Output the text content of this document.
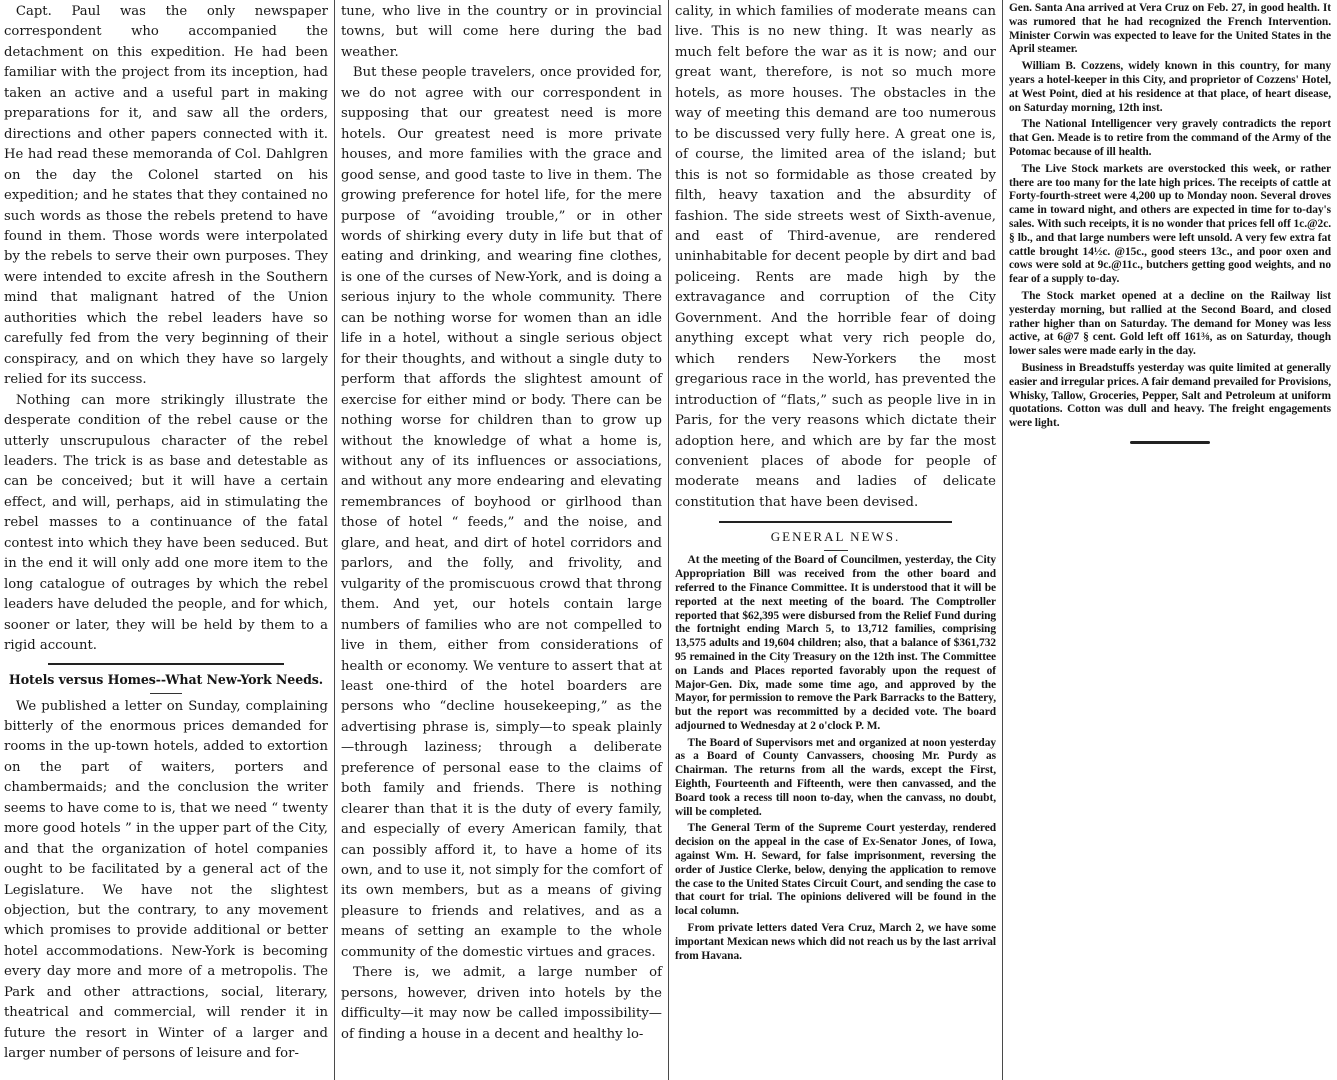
Capt. Paul was the only newspaper correspondent who accompanied the detachment on this expedition. He had been familiar with the project from its inception, had taken an active and a useful part in making preparations for it, and saw all the orders, directions and other papers connected with it. He had read these memoranda of Col. Dahlgren on the day the Colonel started on his expedition; and he states that they contained no such words as those the rebels pretend to have found in them. Those words were interpolated by the rebels to serve their own purposes. They were intended to excite afresh in the Southern mind that malignant hatred of the Union authorities which the rebel leaders have so carefully fed from the very beginning of their conspiracy, and on which they have so largely relied for its success.

Nothing can more strikingly illustrate the desperate condition of the rebel cause or the utterly unscrupulous character of the rebel leaders. The trick is as base and detestable as can be conceived; but it will have a certain effect, and will, perhaps, aid in stimulating the rebel masses to a continuance of the fatal contest into which they have been seduced. But in the end it will only add one more item to the long catalogue of outrages by which the rebel leaders have deluded the people, and for which, sooner or later, they will be held by them to a rigid account.

Hotels versus Homes--What New-York Needs.

We published a letter on Sunday, complaining bitterly of the enormous prices demanded for rooms in the up-town hotels, added to extortion on the part of waiters, porters and chambermaids; and the conclusion the writer seems to have come to is, that we need “ twenty more good hotels ” in the upper part of the City, and that the organization of hotel companies ought to be facilitated by a general act of the Legislature. We have not the slightest objection, but the contrary, to any movement which promises to provide additional or better hotel accommodations. New-York is becoming every day more and more of a metropolis. The Park and other attractions, social, literary, theatrical and commercial, will render it in future the resort in Winter of a larger and larger number of persons of leisure and for-

tune, who live in the country or in provincial towns, but will come here during the bad weather.

But these people travelers, once provided for, we do not agree with our correspondent in supposing that our greatest need is more hotels. Our greatest need is more private houses, and more families with the grace and good sense, and good taste to live in them. The growing preference for hotel life, for the mere purpose of “avoiding trouble,” or in other words of shirking every duty in life but that of eating and drinking, and wearing fine clothes, is one of the curses of New-York, and is doing a serious injury to the whole community. There can be nothing worse for women than an idle life in a hotel, without a single serious object for their thoughts, and without a single duty to perform that affords the slightest amount of exercise for either mind or body. There can be nothing worse for children than to grow up without the knowledge of what a home is, without any of its influences or associations, and without any more endearing and elevating remembrances of boyhood or girlhood than those of hotel “ feeds,” and the noise, and glare, and heat, and dirt of hotel corridors and parlors, and the folly, and frivolity, and vulgarity of the promiscuous crowd that throng them. And yet, our hotels contain large numbers of families who are not compelled to live in them, either from considerations of health or economy. We venture to assert that at least one-third of the hotel boarders are persons who “decline housekeeping,” as the advertising phrase is, simply—to speak plainly—through laziness; through a deliberate preference of personal ease to the claims of both family and friends. There is nothing clearer than that it is the duty of every family, and especially of every American family, that can possibly afford it, to have a home of its own, and to use it, not simply for the comfort of its own members, but as a means of giving pleasure to friends and relatives, and as a means of setting an example to the whole community of the domestic virtues and graces.

There is, we admit, a large number of persons, however, driven into hotels by the difficulty—it may now be called impossibility—of finding a house in a decent and healthy lo-

cality, in which families of moderate means can live. This is no new thing. It was nearly as much felt before the war as it is now; and our great want, therefore, is not so much more hotels, as more houses. The obstacles in the way of meeting this demand are too numerous to be discussed very fully here. A great one is, of course, the limited area of the island; but this is not so formidable as those created by filth, heavy taxation and the absurdity of fashion. The side streets west of Sixth-avenue, and east of Third-avenue, are rendered uninhabitable for decent people by dirt and bad policeing. Rents are made high by the extravagance and corruption of the City Government. And the horrible fear of doing anything except what very rich people do, which renders New-Yorkers the most gregarious race in the world, has prevented the introduction of “flats,” such as people live in in Paris, for the very reasons which dictate their adoption here, and which are by far the most convenient places of abode for people of moderate means and ladies of delicate constitution that have been devised.

GENERAL NEWS.

At the meeting of the Board of Councilmen, yesterday, the City Appropriation Bill was received from the other board and referred to the Finance Committee. It is understood that it will be reported at the next meeting of the board. The Comptroller reported that $62,395 were disbursed from the Relief Fund during the fortnight ending March 5, to 13,712 families, comprising 13,575 adults and 19,604 children; also, that a balance of $361,732 95 remained in the City Treasury on the 12th inst. The Committee on Lands and Places reported favorably upon the request of Major-Gen. Dix, made some time ago, and approved by the Mayor, for permission to remove the Park Barracks to the Battery, but the report was recommitted by a decided vote. The board adjourned to Wednesday at 2 o'clock P. M.

The Board of Supervisors met and organized at noon yesterday as a Board of County Canvassers, choosing Mr. Purdy as Chairman. The returns from all the wards, except the First, Eighth, Fourteenth and Fifteenth, were then canvassed, and the Board took a recess till noon to-day, when the canvass, no doubt, will be completed.

The General Term of the Supreme Court yesterday, rendered decision on the appeal in the case of Ex-Senator Jones, of Iowa, against Wm. H. Seward, for false imprisonment, reversing the order of Justice Clerke, below, denying the application to remove the case to the United States Circuit Court, and sending the case to that court for trial. The opinions delivered will be found in the local column.

From private letters dated Vera Cruz, March 2, we have some important Mexican news which did not reach us by the last arrival from Havana.

Gen. Santa Ana arrived at Vera Cruz on Feb. 27, in good health. It was rumored that he had recognized the French Intervention. Minister Corwin was expected to leave for the United States in the April steamer.

William B. Cozzens, widely known in this country, for many years a hotel-keeper in this City, and proprietor of Cozzens' Hotel, at West Point, died at his residence at that place, of heart disease, on Saturday morning, 12th inst.

The National Intelligencer very gravely contradicts the report that Gen. Meade is to retire from the command of the Army of the Potomac because of ill health.

The Live Stock markets are overstocked this week, or rather there are too many for the late high prices. The receipts of cattle at Forty-fourth-street were 4,200 up to Monday noon. Several droves came in toward night, and others are expected in time for to-day's sales. With such receipts, it is no wonder that prices fell off 1c.@2c. § lb., and that large numbers were left unsold. A very few extra fat cattle brought 14½c. @15c., good steers 13c., and poor oxen and cows were sold at 9c.@11c., butchers getting good weights, and no fear of a supply to-day.

The Stock market opened at a decline on the Railway list yesterday morning, but rallied at the Second Board, and closed rather higher than on Saturday. The demand for Money was less active, at 6@7 § cent. Gold left off 161⅜, as on Saturday, though lower sales were made early in the day.

Business in Breadstuffs yesterday was quite limited at generally easier and irregular prices. A fair demand prevailed for Provisions, Whisky, Tallow, Groceries, Pepper, Salt and Petroleum at uniform quotations. Cotton was dull and heavy. The freight engagements were light.
